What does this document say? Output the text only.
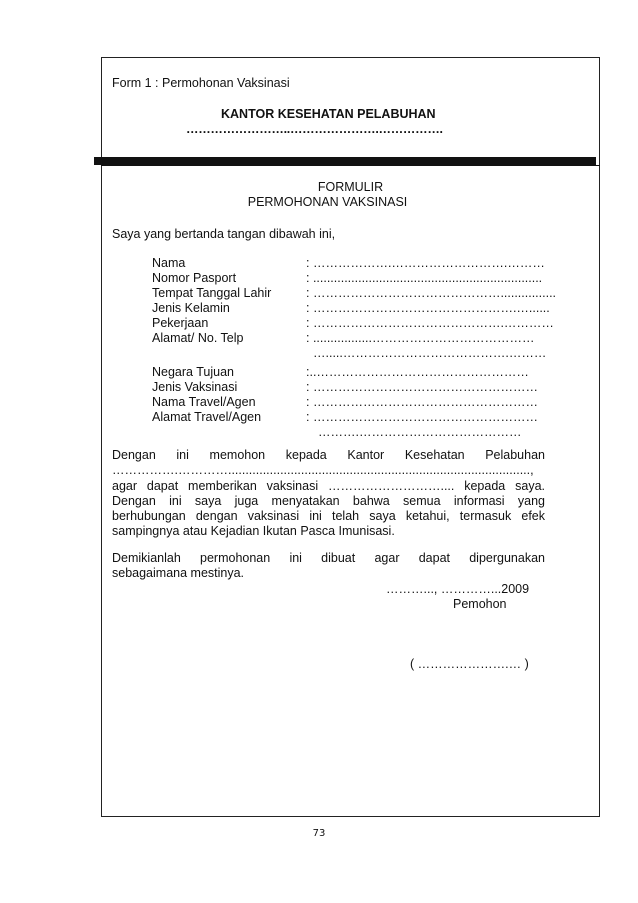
Form 1 : Permohonan Vaksinasi
KANTOR KESEHATAN PELABUHAN
……………………..………………….…………….
FORMULIR
PERMOHONAN VAKSINASI
Saya yang bertanda tangan dibawah ini,
Nama	: ……………….……………………….………
Nomor Pasport	: ..................................................................
Tempat Tanggal Lahir	: ………………………………………................
Jenis Kelamin	: ………………………………………….…......
Pekerjaan	: ……………………………………….…………
Alamat/ No. Telp	: .................…………………………………
….....………………………………….………
Negara Tujuan	:..……………………………………………
Jenis Vaksinasi	: ………………………………………………
Nama Travel/Agen	: ………………………………………………
Alamat Travel/Agen	: ………………………………………………
……….…………………………………
Dengan ini memohon kepada Kantor Kesehatan Pelabuhan
…………….………….......................................................................................,
agar dapat memberikan vaksinasi ……………………….... kepada saya.
Dengan ini saya juga menyatakan bahwa semua informasi yang
berhubungan dengan vaksinasi ini telah saya ketahui, termasuk efek
sampingnya atau Kejadian Ikutan Pasca Imunisasi.
Demikianlah permohonan ini dibuat agar dapat dipergunakan
sebagaimana mestinya.
………..., …………...2009
Pemohon
( ………………….… )
73
